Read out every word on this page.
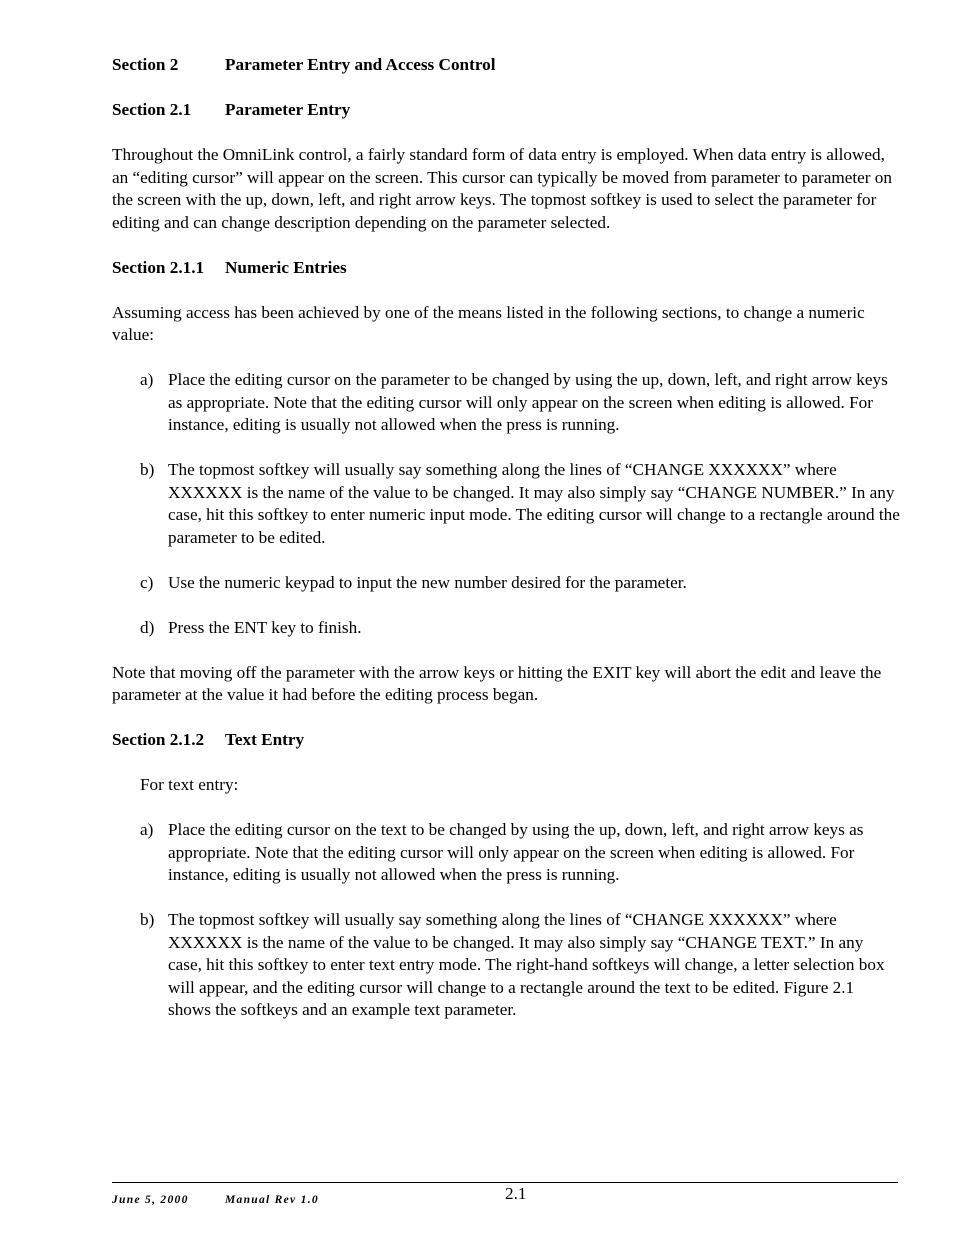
Section 2	Parameter Entry and Access Control
Section 2.1 Parameter Entry

Throughout the OmniLink control, a fairly standard form of data entry is employed. When data entry is allowed, an “editing cursor” will appear on the screen. This cursor can typically be moved from parameter to parameter on the screen with the up, down, left, and right arrow keys. The topmost softkey is used to select the parameter for editing and can change description depending on the parameter selected.

Section 2.1.1 Numeric Entries

Assuming access has been achieved by one of the means listed in the following sections, to change a numeric value:

a) Place the editing cursor on the parameter to be changed by using the up, down, left, and right arrow keys as appropriate. Note that the editing cursor will only appear on the screen when editing is allowed. For instance, editing is usually not allowed when the press is running.
b) The topmost softkey will usually say something along the lines of “CHANGE XXXXXX” where XXXXXX is the name of the value to be changed. It may also simply say “CHANGE NUMBER.” In any case, hit this softkey to enter numeric input mode. The editing cursor will change to a rectangle around the parameter to be edited.
c) Use the numeric keypad to input the new number desired for the parameter.
d) Press the ENT key to finish.

Note that moving off the parameter with the arrow keys or hitting the EXIT key will abort the edit and leave the parameter at the value it had before the editing process began.

Section 2.1.2 Text Entry

For text entry:

a) Place the editing cursor on the text to be changed by using the up, down, left, and right arrow keys as appropriate. Note that the editing cursor will only appear on the screen when editing is allowed. For instance, editing is usually not allowed when the press is running.
b) The topmost softkey will usually say something along the lines of “CHANGE XXXXXX” where XXXXXX is the name of the value to be changed. It may also simply say “CHANGE TEXT.” In any case, hit this softkey to enter text entry mode. The right-hand softkeys will change, a letter selection box will appear, and the editing cursor will change to a rectangle around the text to be edited. Figure 2.1 shows the softkeys and an example text parameter.
June 5, 2000	Manual Rev 1.0	2.1
